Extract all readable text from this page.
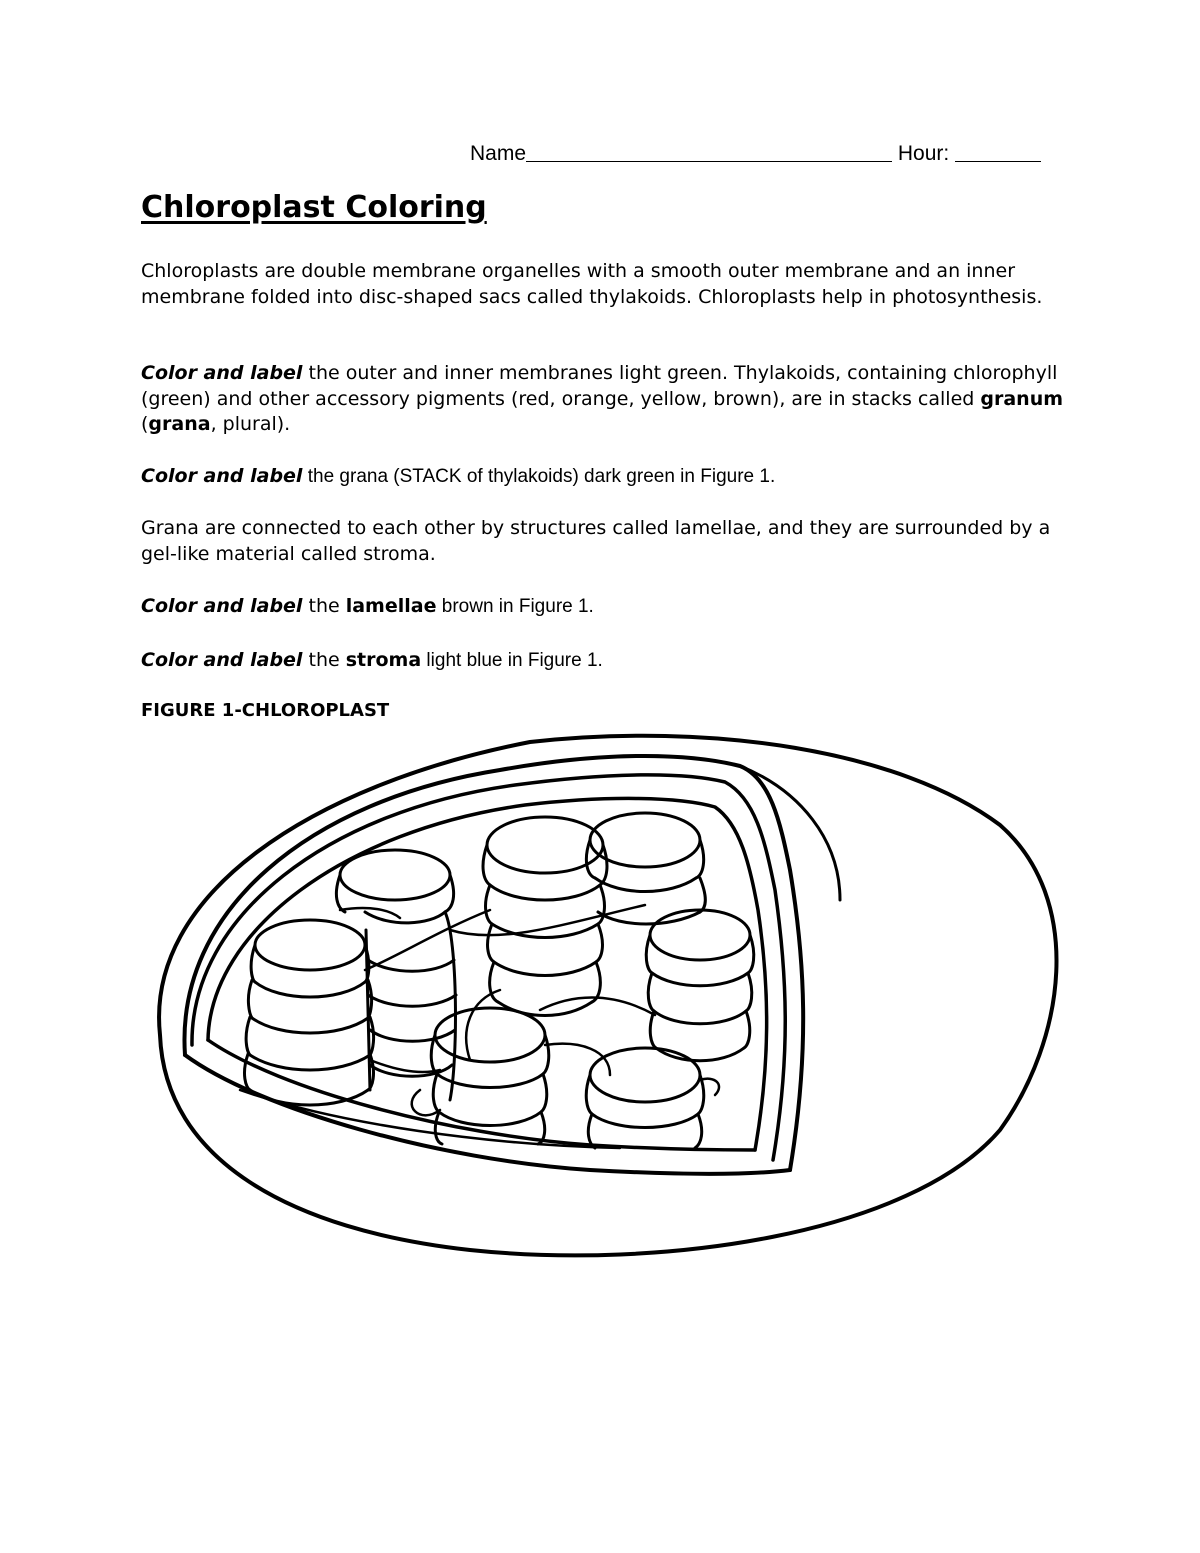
Name	Hour:
Chloroplast Coloring

Chloroplasts are double membrane organelles with a smooth outer membrane and an inner membrane folded into disc-shaped sacs called thylakoids. Chloroplasts help in photosynthesis.

Color and label the outer and inner membranes light green. Thylakoids, containing chlorophyll (green) and other accessory pigments (red, orange, yellow, brown), are in stacks called granum (grana, plural).

Color and label the grana (STACK of thylakoids) dark green in Figure 1.

Grana are connected to each other by structures called lamellae, and they are surrounded by a gel-like material called stroma.

Color and label the lamellae brown in Figure 1.

Color and label the stroma light blue in Figure 1.

FIGURE 1-CHLOROPLAST
